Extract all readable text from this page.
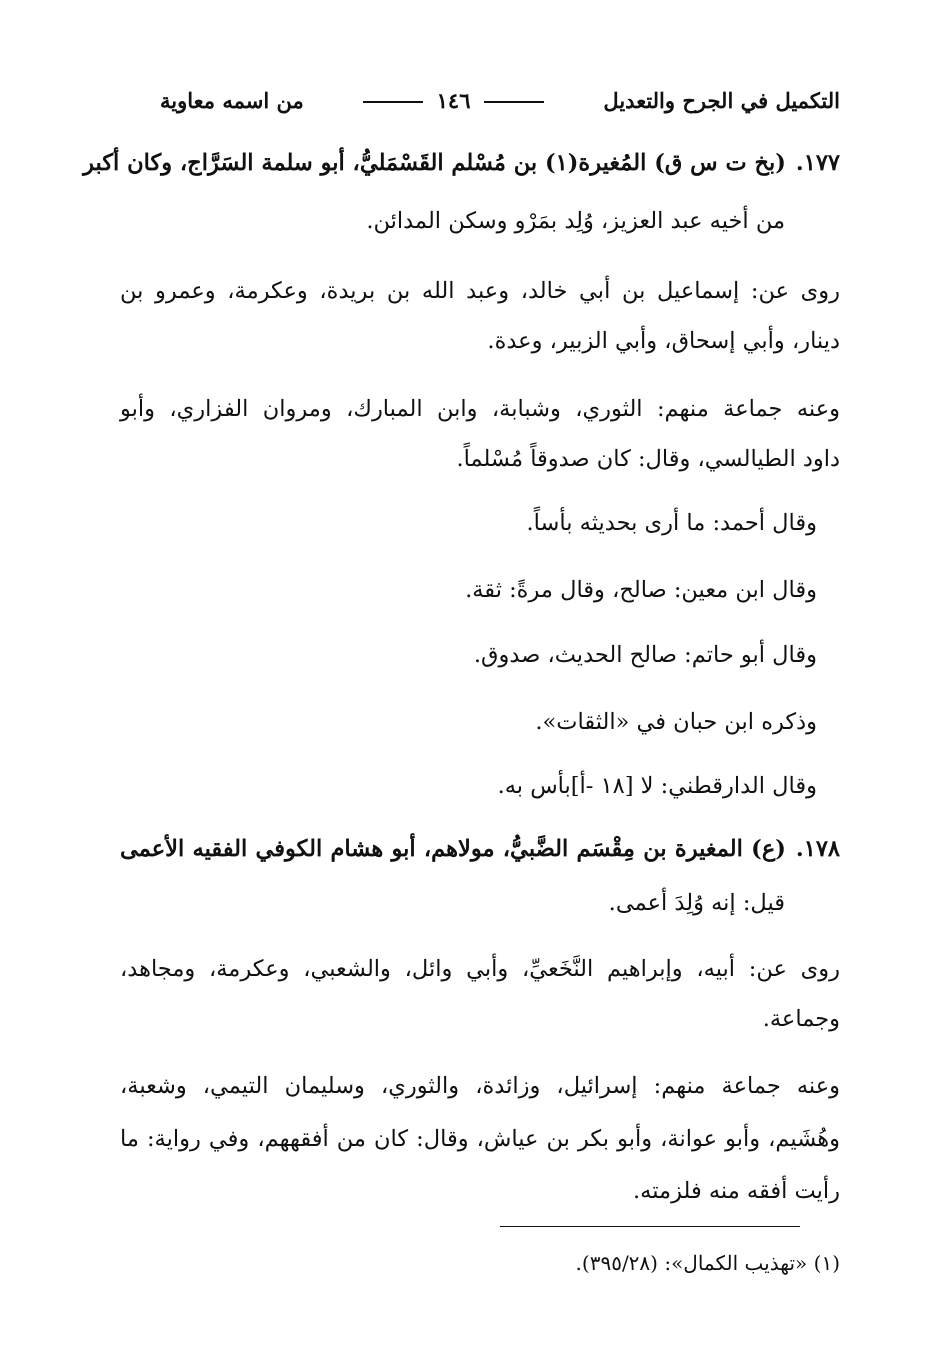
التكميل في الجرح والتعديل
١٤٦
من اسمه معاوية
١٧٧.(بخ ت س ق) المُغيرة(١) بن مُسْلم القَسْمَليُّ، أبو سلمة السَرَّاج، وكان أكبر
من أخيه عبد العزيز، وُلِد بمَرْو وسكن المدائن.
روى عن: إسماعيل بن أبي خالد، وعبد الله بن بريدة، وعكرمة، وعمرو بن
دينار، وأبي إسحاق، وأبي الزبير، وعدة.
وعنه جماعة منهم: الثوري، وشبابة، وابن المبارك، ومروان الفزاري، وأبو
داود الطيالسي، وقال: كان صدوقاً مُسْلماً.
وقال أحمد: ما أرى بحديثه بأساً.
وقال ابن معين: صالح، وقال مرةً: ثقة.
وقال أبو حاتم: صالح الحديث، صدوق.
وذكره ابن حبان في «الثقات».
وقال الدارقطني: لا [١٨ -أ]بأس به.
١٧٨.(ع) المغيرة بن مِقْسَم الضَّبيُّ، مولاهم، أبو هشام الكوفي الفقيه الأعمى
قيل: إنه وُلِدَ أعمى.
روى عن: أبيه، وإبراهيم النَّخَعيِّ، وأبي وائل، والشعبي، وعكرمة، ومجاهد،
وجماعة.
وعنه جماعة منهم: إسرائيل، وزائدة، والثوري، وسليمان التيمي، وشعبة،
وهُشَيم، وأبو عوانة، وأبو بكر بن عياش، وقال: كان من أفقههم، وفي رواية: ما
رأيت أفقه منه فلزمته.
(١) «تهذيب الكمال»: (٣٩٥/٢٨).
